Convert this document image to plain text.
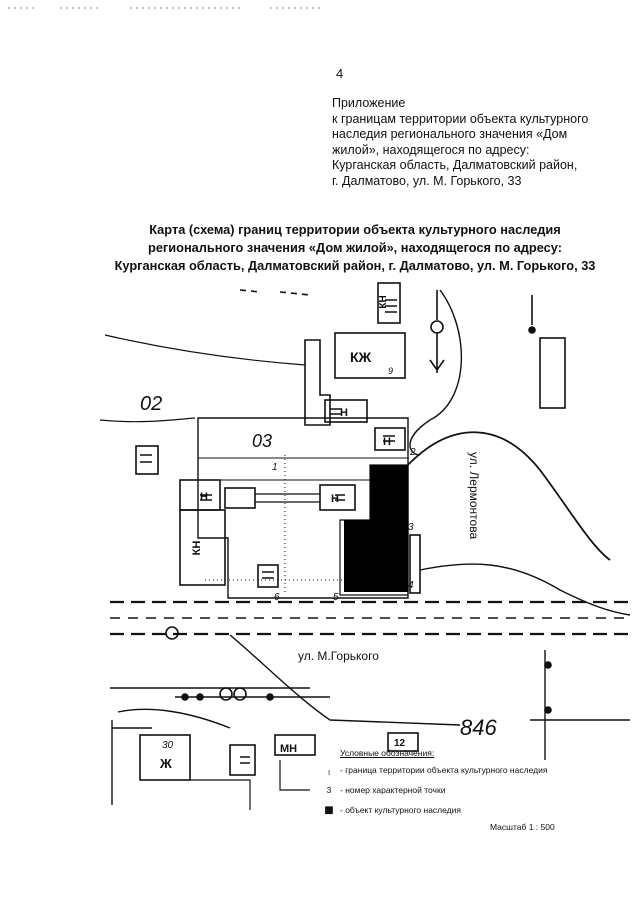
4
Приложение
к границам территории объекта культурного
наследия регионального значения «Дом
жилой», находящегося по адресу:
Курганская область, Далматовский район,
г. Далматово, ул. М. Горького, 33
Карта (схема) границ территории объекта культурного наследия
регионального значения «Дом жилой», находящегося по адресу:
Курганская область, Далматовский район, г. Далматово, ул. М. Горького, 33
02
03
КЖ
9
Н
Н
Н	Н
Ж
30	МН	12
846
КН
КН
ул. Лермонтова
ул. М.Горького
1
2
3
4
5
6
Условные обозначения:
╷ - граница территории объекта культурного наследия
3	- номер характерной точки
■ - объект культурного наследия
Масштаб 1 : 500
